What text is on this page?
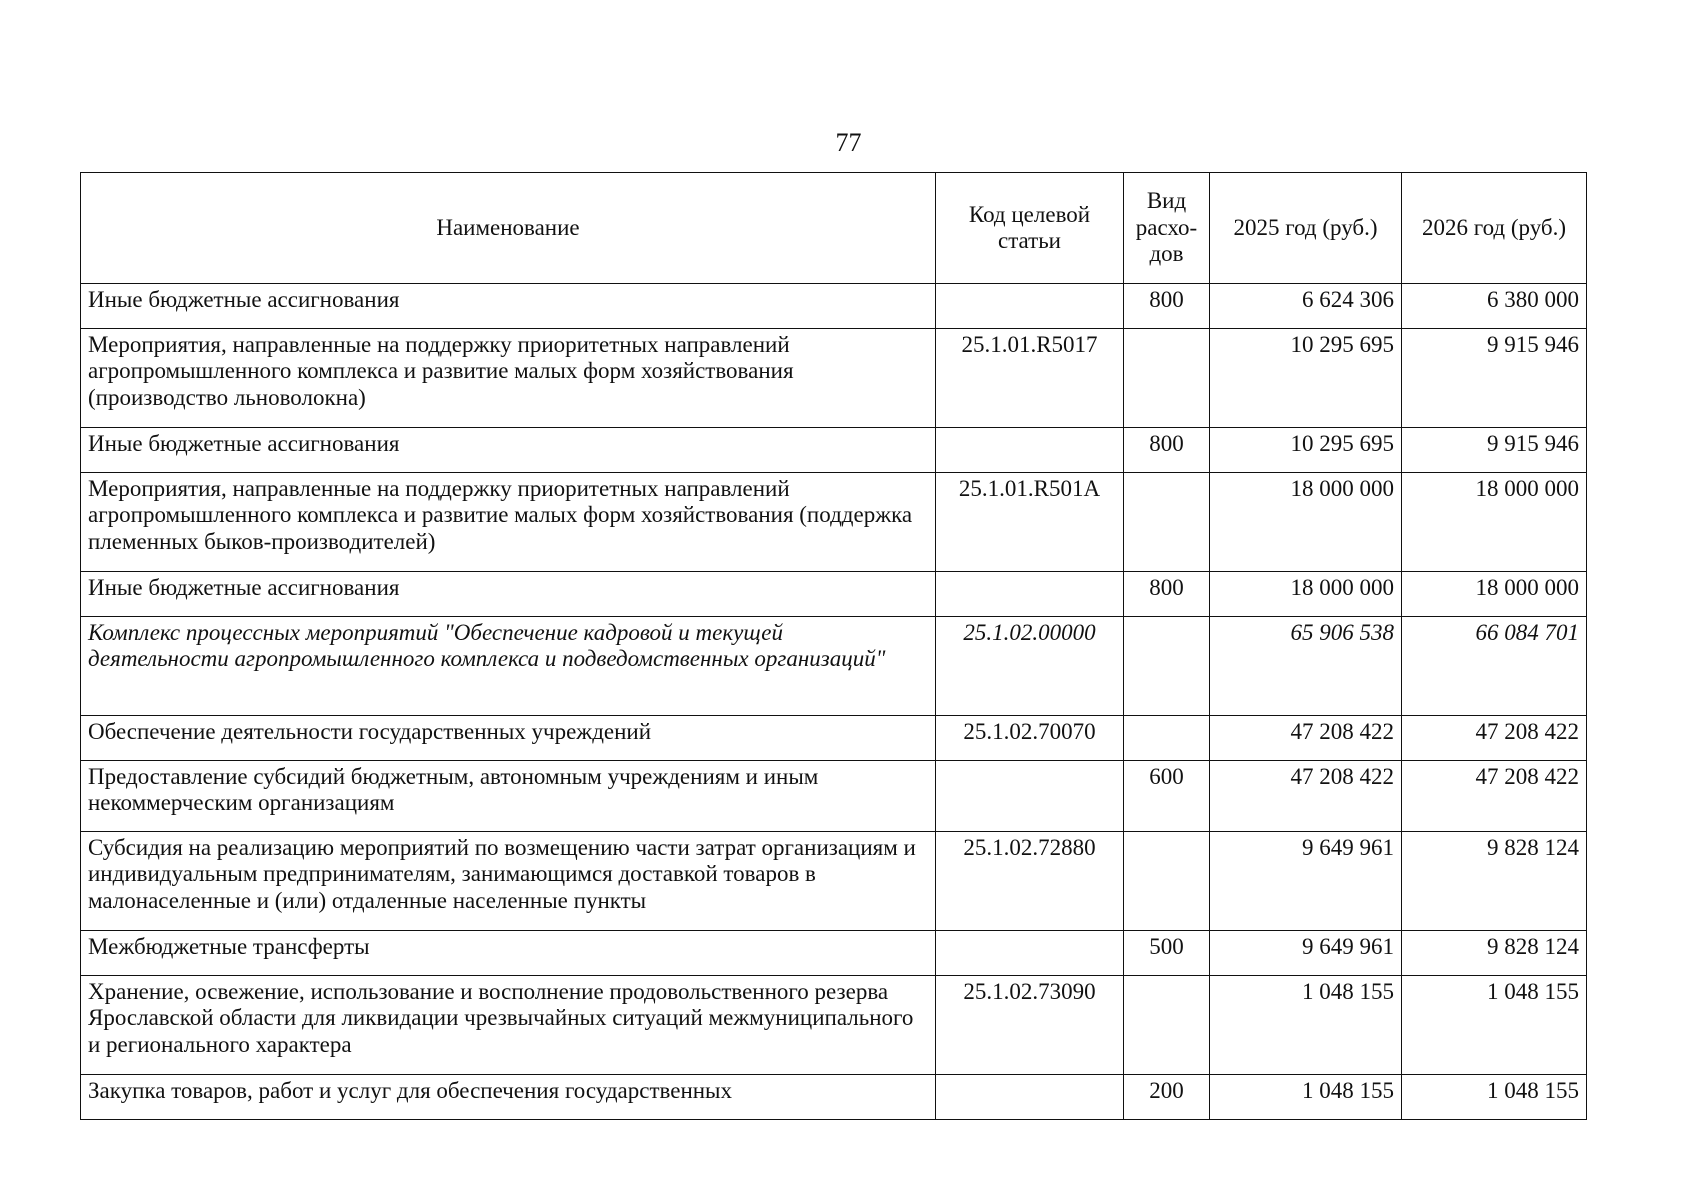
77
Наименование	Код целевой статьи	Вид расхо-дов	2025 год (руб.)	2026 год (руб.)
Иные бюджетные ассигнования		800	6 624 306	6 380 000
Мероприятия, направленные на поддержку приоритетных направлений агропромышленного комплекса и развитие малых форм хозяйствования (производство льноволокна)	25.1.01.R5017		10 295 695	9 915 946
Иные бюджетные ассигнования		800	10 295 695	9 915 946
Мероприятия, направленные на поддержку приоритетных направлений агропромышленного комплекса и развитие малых форм хозяйствования (поддержка племенных быков-производителей)	25.1.01.R501A		18 000 000	18 000 000
Иные бюджетные ассигнования		800	18 000 000	18 000 000
Комплекс процессных мероприятий "Обеспечение кадровой и текущей деятельности агропромышленного комплекса и подведомственных организаций"	25.1.02.00000		65 906 538	66 084 701
Обеспечение деятельности государственных учреждений	25.1.02.70070		47 208 422	47 208 422
Предоставление субсидий бюджетным, автономным учреждениям и иным некоммерческим организациям		600	47 208 422	47 208 422
Субсидия на реализацию мероприятий по возмещению части затрат организациям и индивидуальным предпринимателям, занимающимся доставкой товаров в малонаселенные и (или) отдаленные населенные пункты	25.1.02.72880		9 649 961	9 828 124
Межбюджетные трансферты		500	9 649 961	9 828 124
Хранение, освежение, использование и восполнение продовольственного резерва Ярославской области для ликвидации чрезвычайных ситуаций межмуниципального и регионального характера	25.1.02.73090		1 048 155	1 048 155
Закупка товаров, работ и услуг для обеспечения государственных		200	1 048 155	1 048 155
